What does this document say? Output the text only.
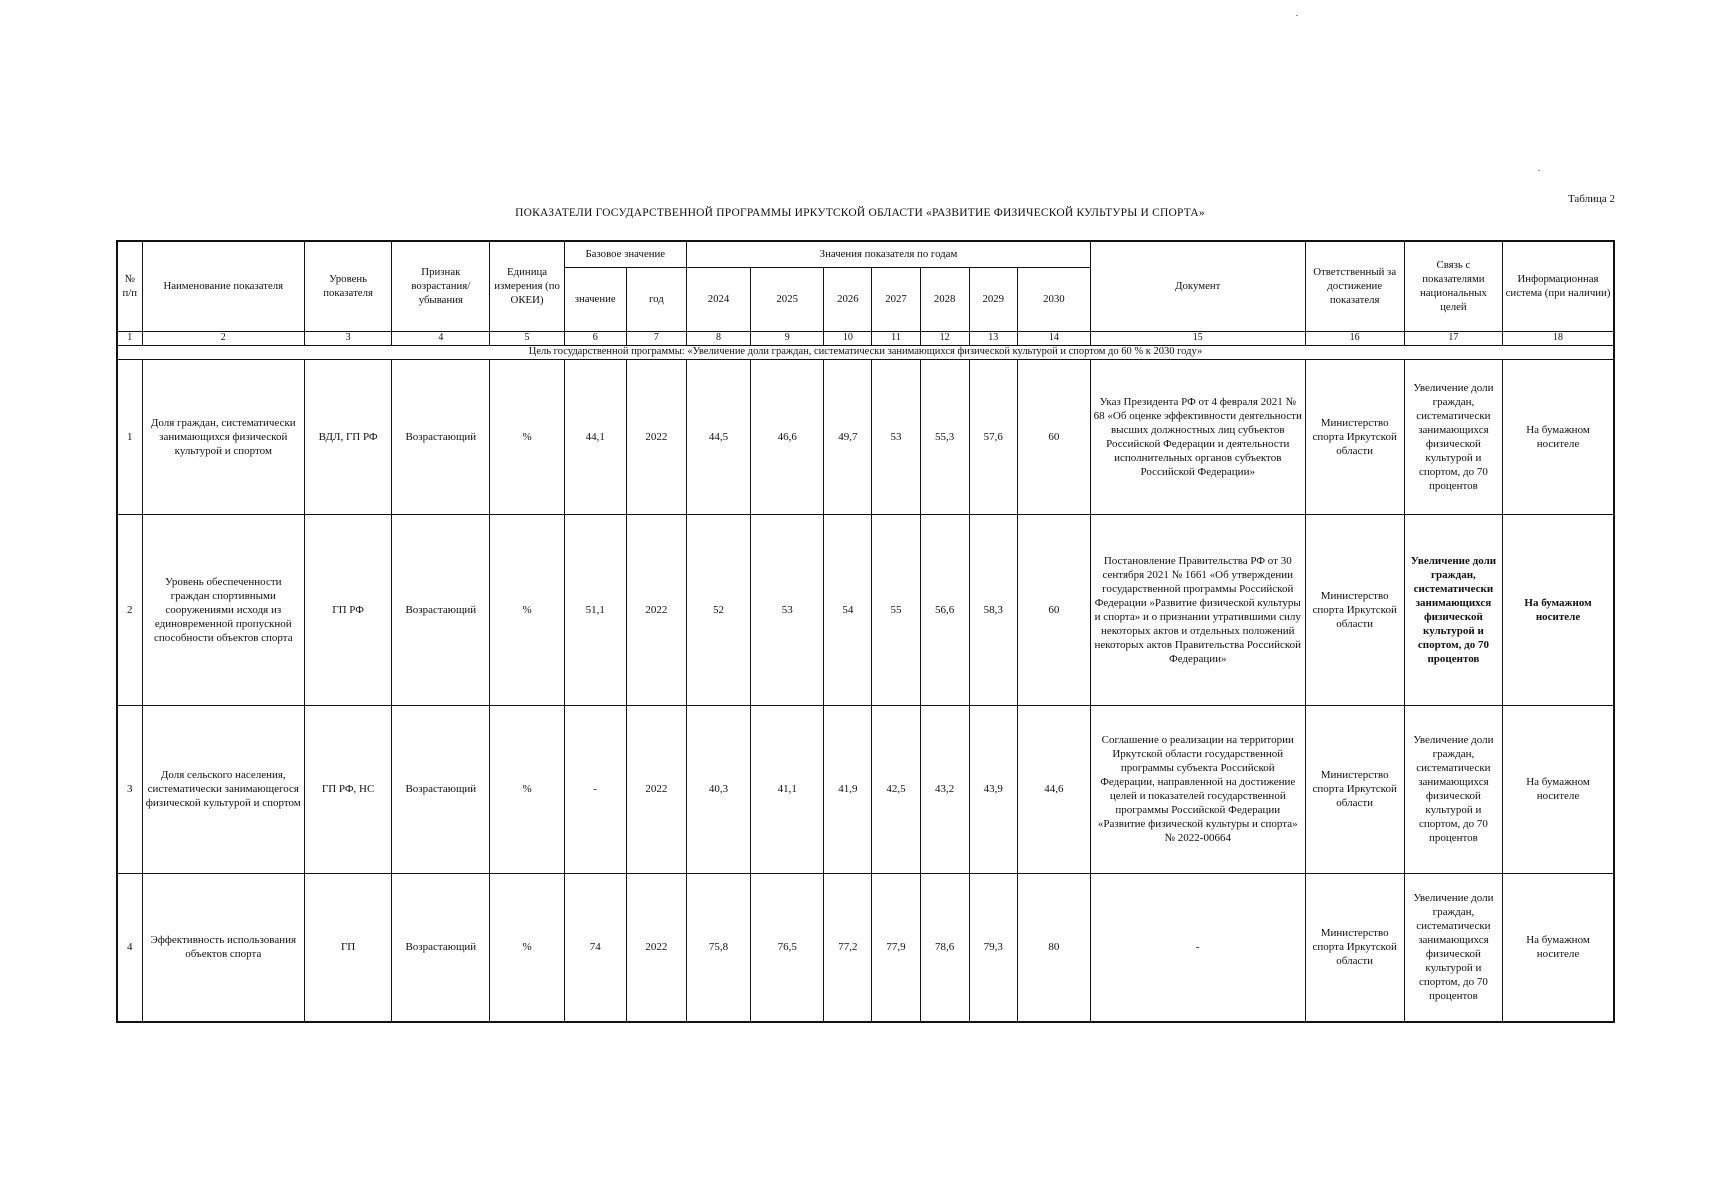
Таблица 2
ПОКАЗАТЕЛИ ГОСУДАРСТВЕННОЙ ПРОГРАММЫ ИРКУТСКОЙ ОБЛАСТИ «РАЗВИТИЕ ФИЗИЧЕСКОЙ КУЛЬТУРЫ И СПОРТА»
№ п/п	Наименование показателя	Уровень показателя	Признак возрастания/ убывания	Единица измерения (по ОКЕИ)	Базовое значение		Значения показателя по годам							Документ	Ответственный за достижение показателя	Связь с показателями национальных целей	Информационная система (при наличии)
					значение	год	2024	2025	2026	2027	2028	2029	2030				
1	2	3	4	5	6	7	8	9	10	11	12	13	14	15	16	17	18
Цель государственной программы: «Увеличение доли граждан, систематически занимающихся физической культурой и спортом до 60 % к 2030 году»																	
1	Доля граждан, систематически занимающихся физической культурой и спортом	ВДЛ, ГП РФ	Возрастающий	%	44,1	2022	44,5	46,6	49,7	53	55,3	57,6	60	Указ Президента РФ от 4 февраля 2021 № 68 «Об оценке эффективности деятельности высших должностных лиц субъектов Российской Федерации и деятельности исполнительных органов субъектов Российской Федерации»	Министерство спорта Иркутской области	Увеличение доли граждан, систематически занимающихся физической культурой и спортом, до 70 процентов	На бумажном носителе
2	Уровень обеспеченности граждан спортивными сооружениями исходя из единовременной пропускной способности объектов спорта	ГП РФ	Возрастающий	%	51,1	2022	52	53	54	55	56,6	58,3	60	Постановление Правительства РФ от 30 сентября 2021 № 1661 «Об утверждении государственной программы Российской Федерации »Развитие физической культуры и спорта» и о признании утратившими силу некоторых актов и отдельных положений некоторых актов Правительства Российской Федерации»	Министерство спорта Иркутской области	Увеличение доли граждан, систематически занимающихся физической культурой и спортом, до 70 процентов	На бумажном носителе
3	Доля сельского населения, систематически занимающегося физической культурой и спортом	ГП РФ, НС	Возрастающий	%	-	2022	40,3	41,1	41,9	42,5	43,2	43,9	44,6	Соглашение о реализации на территории Иркутской области государственной программы субъекта Российской Федерации, направленной на достижение целей и показателей государственной программы Российской Федерации «Развитие физической культуры и спорта» № 2022-00664	Министерство спорта Иркутской области	Увеличение доли граждан, систематически занимающихся физической культурой и спортом, до 70 процентов	На бумажном носителе
4	Эффективность использования объектов спорта	ГП	Возрастающий	%	74	2022	75,8	76,5	77,2	77,9	78,6	79,3	80	-	Министерство спорта Иркутской области	Увеличение доли граждан, систематически занимающихся физической культурой и спортом, до 70 процентов	На бумажном носителе
